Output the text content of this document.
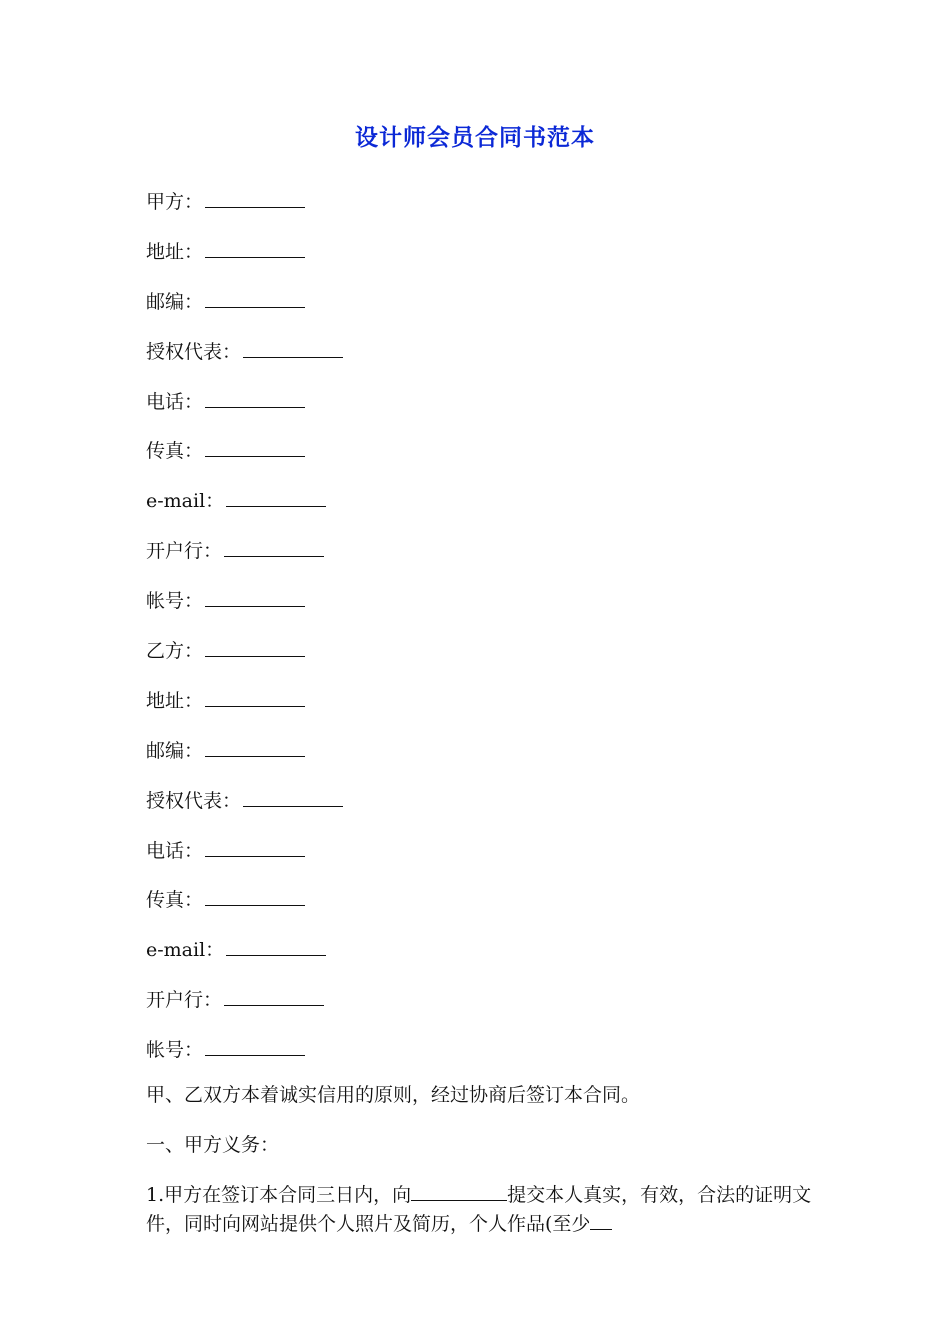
设计师会员合同书范本
甲方：
地址：
邮编：
授权代表：
电话：
传真：
e-mail：
开户行：
帐号：
乙方：
地址：
邮编：
授权代表：
电话：
传真：
e-mail：
开户行：
帐号：
甲、乙双方本着诚实信用的原则，经过协商后签订本合同。
一、甲方义务：
1.甲方在签订本合同三日内，向	提交本人真实，有效，合法的证明文件，同时向网站提供个人照片及简历，个人作品(至少
